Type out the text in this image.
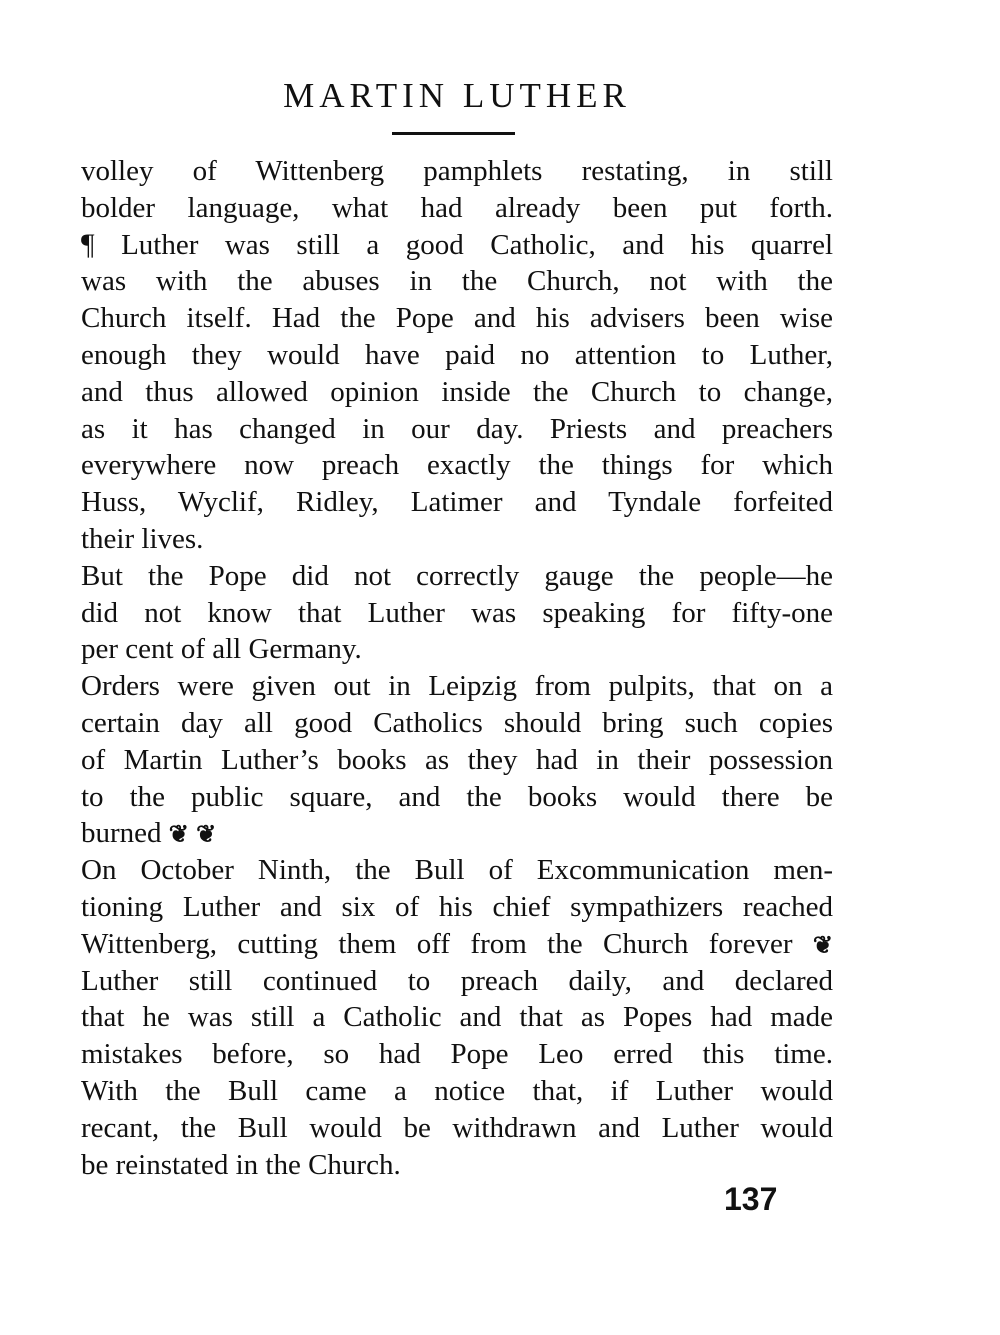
MARTIN LUTHER
volley of Wittenberg pamphlets restating, in still
bolder language, what had already been put forth.
¶ Luther was still a good Catholic, and his quarrel
was with the abuses in the Church, not with the
Church itself. Had the Pope and his advisers been wise
enough they would have paid no attention to Luther,
and thus allowed opinion inside the Church to change,
as it has changed in our day. Priests and preachers
everywhere now preach exactly the things for which
Huss, Wyclif, Ridley, Latimer and Tyndale forfeited
their lives.
But the Pope did not correctly gauge the people—he
did not know that Luther was speaking for fifty-one
per cent of all Germany.
Orders were given out in Leipzig from pulpits, that on a
certain day all good Catholics should bring such copies
of Martin Luther’s books as they had in their possession
to the public square, and the books would there be
burned ❦ ❦
On October Ninth, the Bull of Excommunication men-
tioning Luther and six of his chief sympathizers reached
Wittenberg, cutting them off from the Church forever ❦
Luther still continued to preach daily, and declared
that he was still a Catholic and that as Popes had made
mistakes before, so had Pope Leo erred this time.
With the Bull came a notice that, if Luther would
recant, the Bull would be withdrawn and Luther would
be reinstated in the Church.
137
